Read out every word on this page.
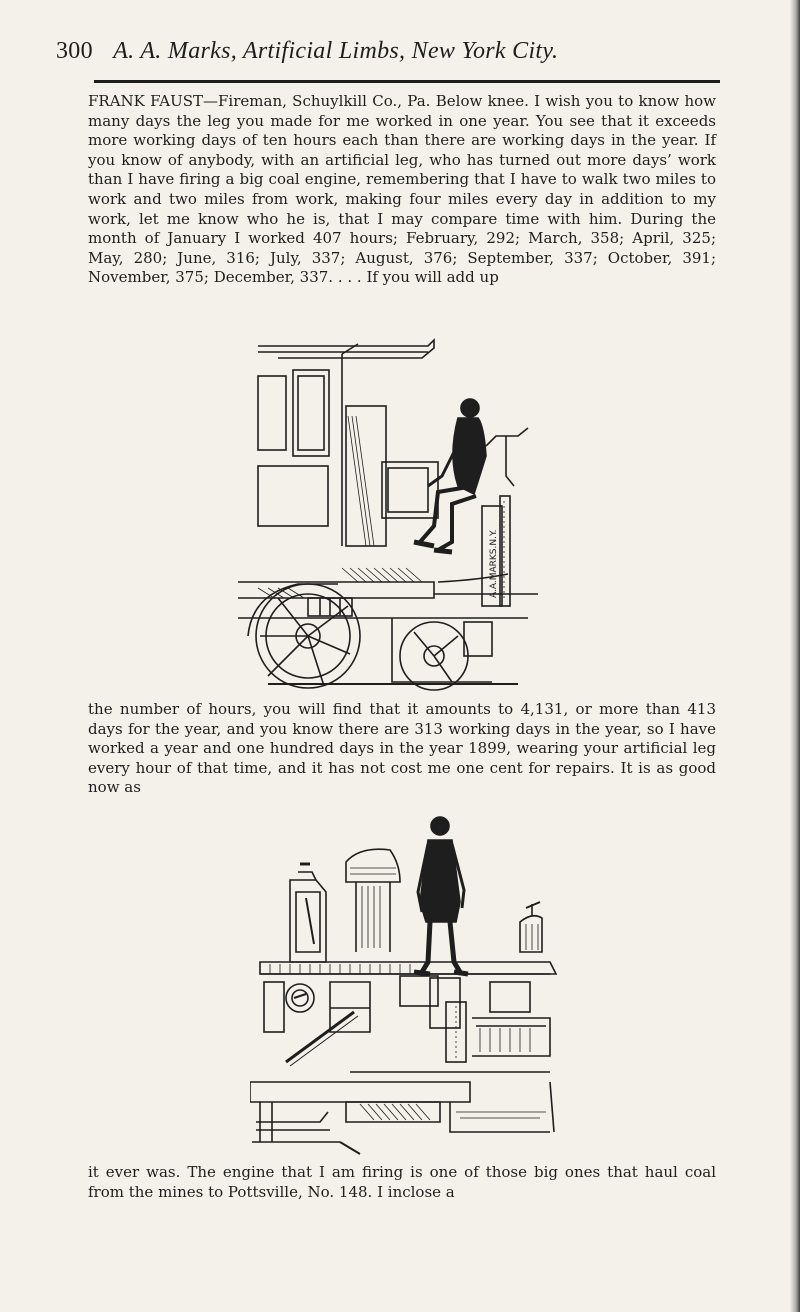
300 A. A. Marks, Artificial Limbs, New York City.

FRANK FAUST—Fireman, Schuylkill Co., Pa. Below knee. I wish you to know how many days the leg you made for me worked in one year. You see that it exceeds more working days of ten hours each than there are working days in the year. If you know of anybody, with an artificial leg, who has turned out more days’ work than I have firing a big coal engine, remembering that I have to walk two miles to work and two miles from work, making four miles every day in addition to my work, let me know who he is, that I may compare time with him. During the month of January I worked 407 hours; February, 292; March, 358; April, 325; May, 280; June, 316; July, 337; August, 376; September, 337; October, 391; November, 375; December, 337. . . . If you will add up

A.A.MARKS.N.Y.

the number of hours, you will find that it amounts to 4,131, or more than 413 days for the year, and you know there are 313 working days in the year, so I have worked a year and one hundred days in the year 1899, wearing your artificial leg every hour of that time, and it has not cost me one cent for repairs. It is as good now as

it ever was. The engine that I am firing is one of those big ones that haul coal from the mines to Pottsville, No. 148. I inclose a
